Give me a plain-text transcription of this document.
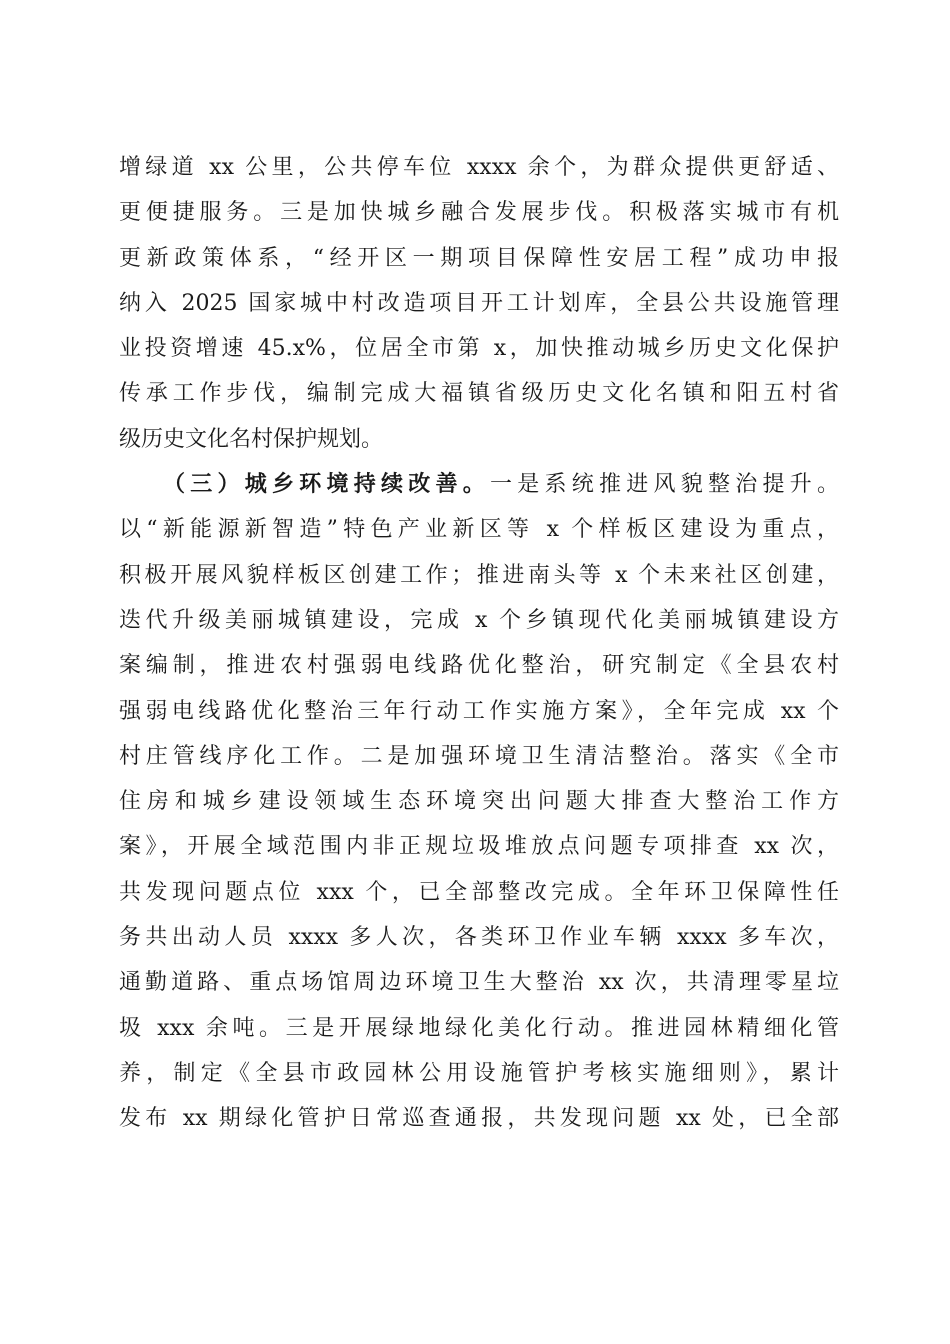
增绿道 xx 公里，公共停车位 xxxx 余个，为群众提供更舒适、
更便捷服务。三是加快城乡融合发展步伐。积极落实城市有机
更新政策体系，“经开区一期项目保障性安居工程”成功申报
纳入 2025 国家城中村改造项目开工计划库，全县公共设施管理
业投资增速 45.x%，位居全市第 x，加快推动城乡历史文化保护
传承工作步伐，编制完成大福镇省级历史文化名镇和阳五村省
级历史文化名村保护规划。
（三）城乡环境持续改善。一是系统推进风貌整治提升。
以“新能源新智造”特色产业新区等 x 个样板区建设为重点，
积极开展风貌样板区创建工作；推进南头等 x 个未来社区创建，
迭代升级美丽城镇建设，完成 x 个乡镇现代化美丽城镇建设方
案编制，推进农村强弱电线路优化整治，研究制定《全县农村
强弱电线路优化整治三年行动工作实施方案》，全年完成 xx 个
村庄管线序化工作。二是加强环境卫生清洁整治。落实《全市
住房和城乡建设领域生态环境突出问题大排查大整治工作方
案》，开展全域范围内非正规垃圾堆放点问题专项排查 xx 次，
共发现问题点位 xxx 个，已全部整改完成。全年环卫保障性任
务共出动人员 xxxx 多人次，各类环卫作业车辆 xxxx 多车次，
通勤道路、重点场馆周边环境卫生大整治 xx 次，共清理零星垃
圾 xxx 余吨。三是开展绿地绿化美化行动。推进园林精细化管
养，制定《全县市政园林公用设施管护考核实施细则》，累计
发布 xx 期绿化管护日常巡查通报，共发现问题 xx 处，已全部
